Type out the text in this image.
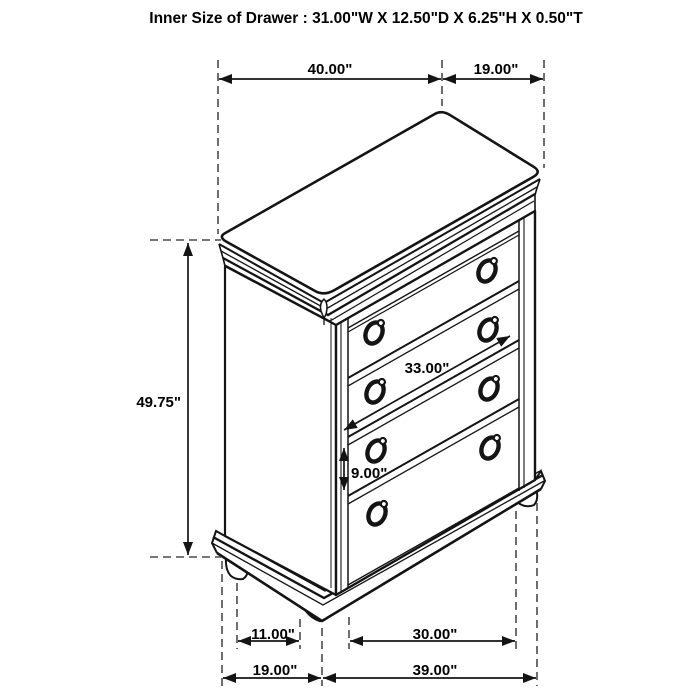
40.00"	19.00"
49.75"
33.00"
9.00"
11.00"	30.00"
19.00"	39.00"
Inner Size of Drawer : 31.00"W X 12.50"D X 6.25"H X 0.50"T
